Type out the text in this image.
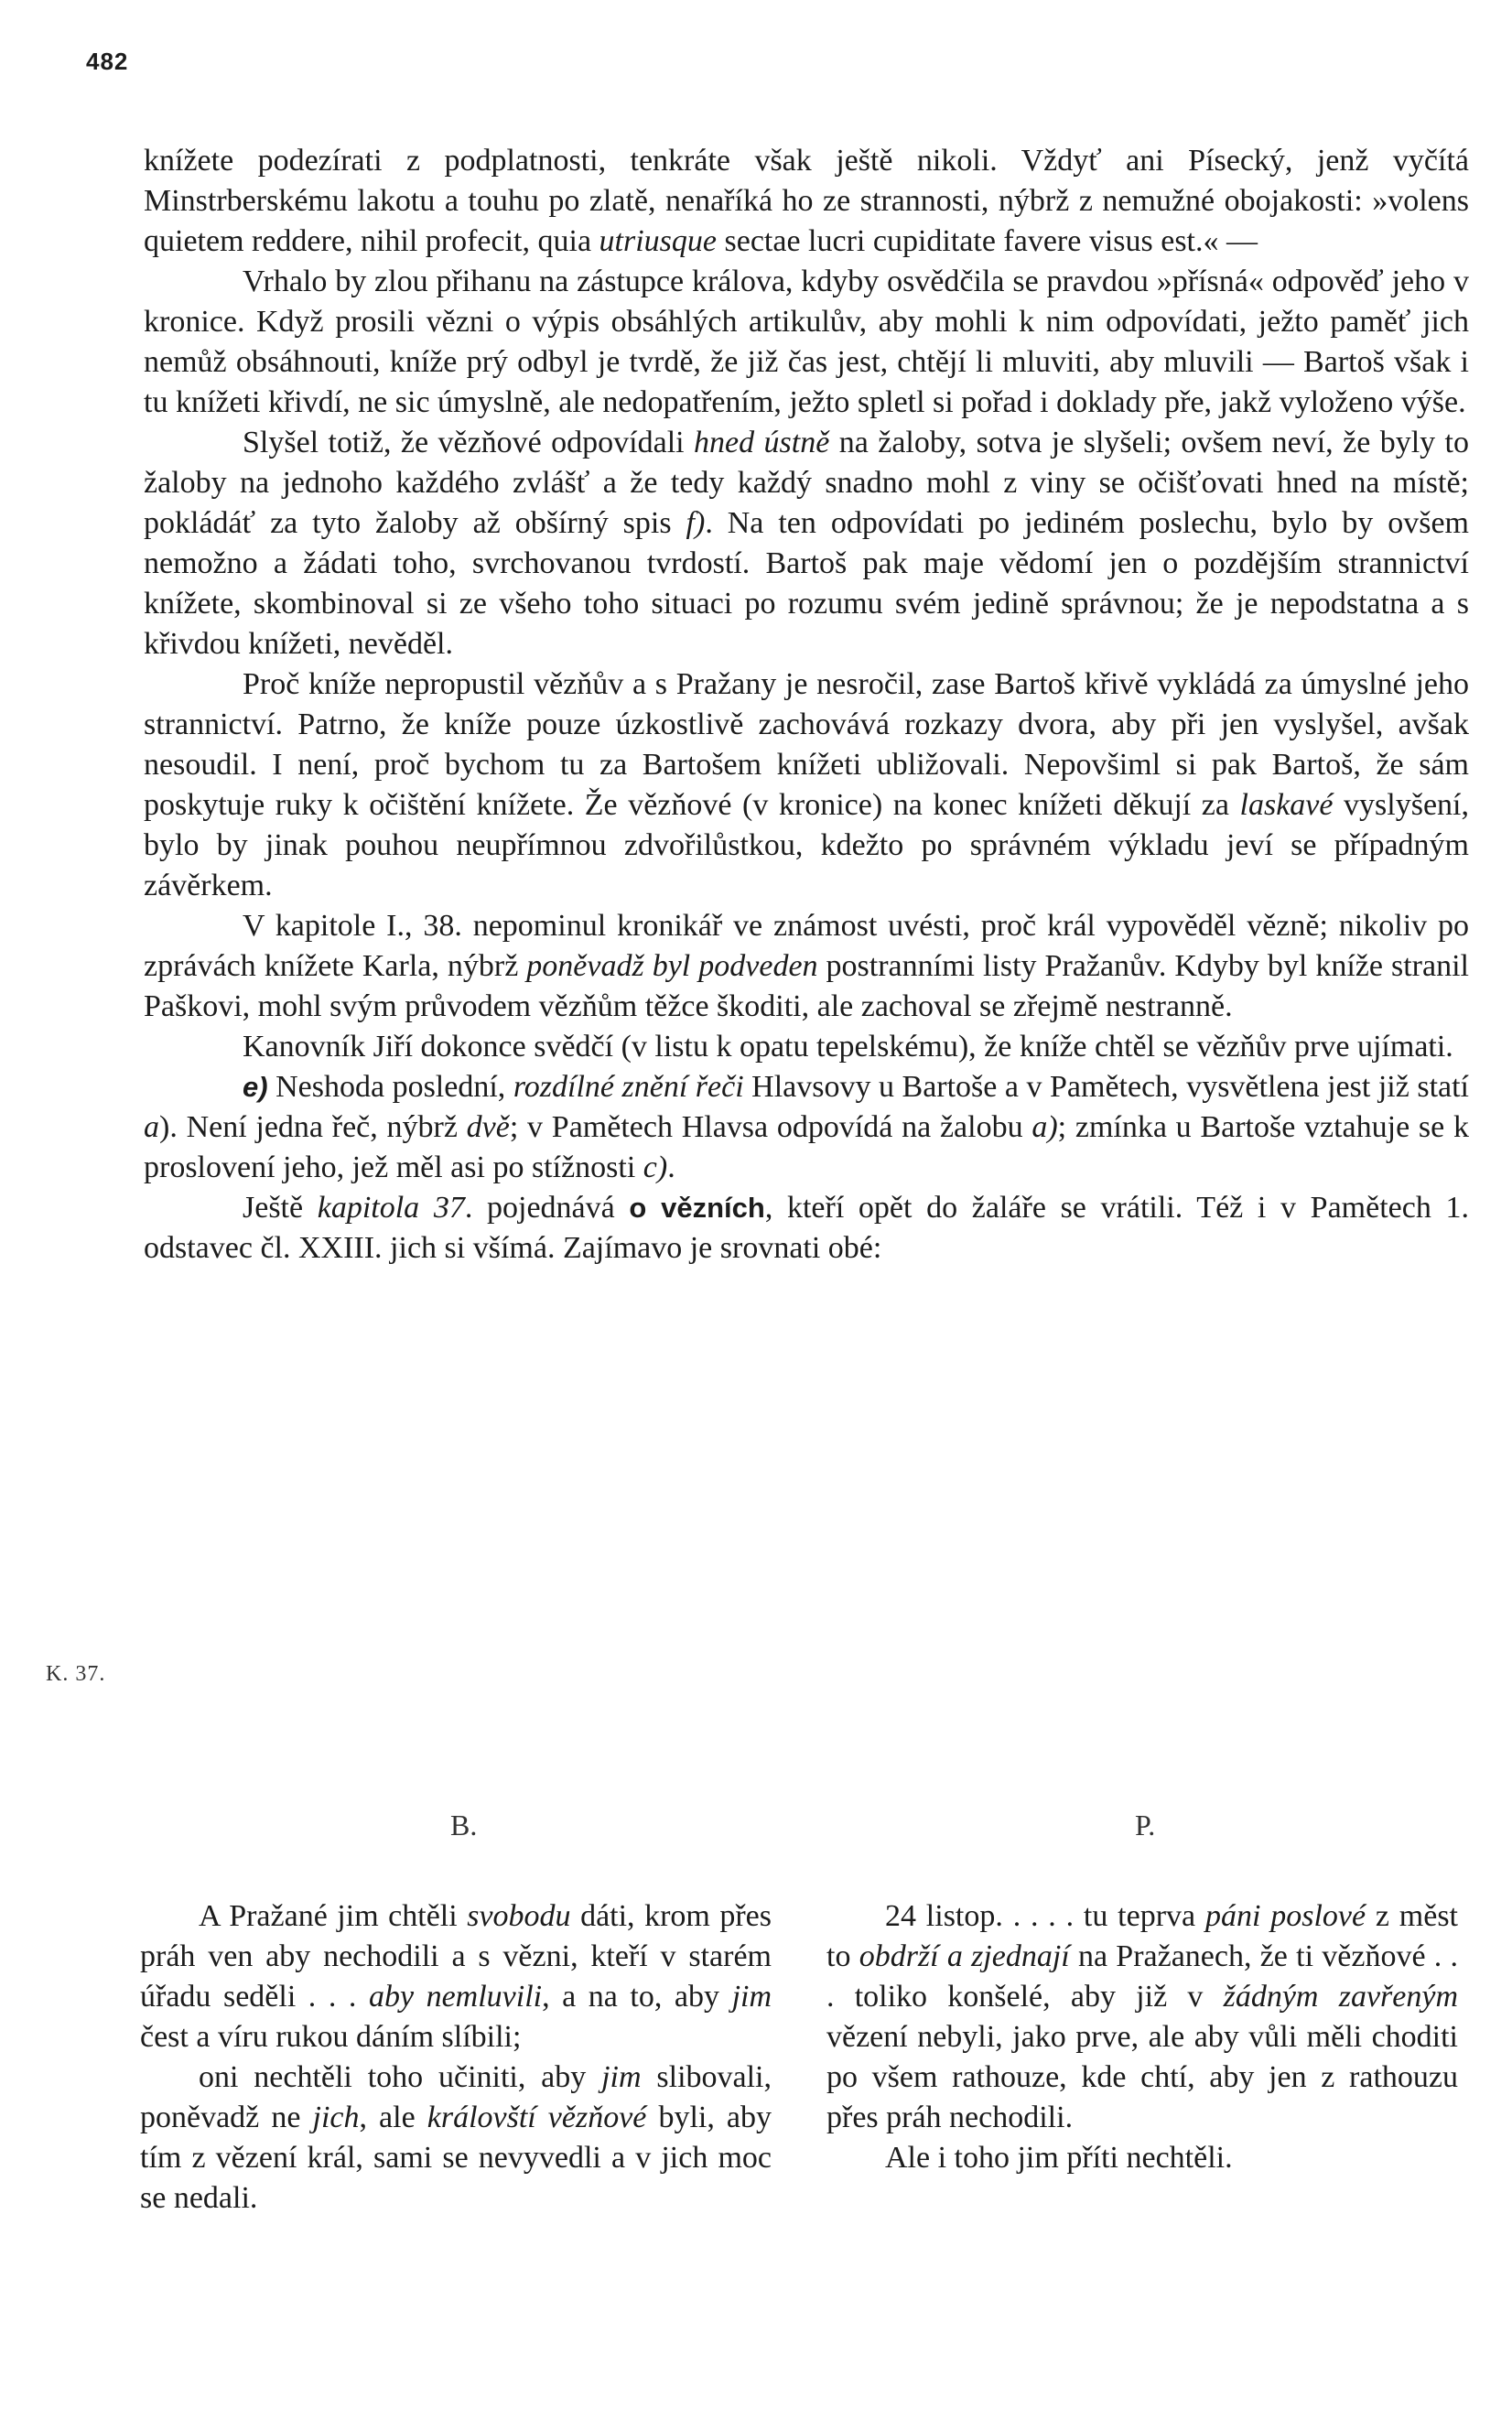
482

knížete podezírati z podplatnosti, tenkráte však ještě nikoli. Vždyť ani Písecký, jenž vyčítá Minstrberskému lakotu a touhu po zlatě, nenaříká ho ze strannosti, nýbrž z nemužné obojakosti: »volens quietem reddere, nihil profecit, quia utriusque sectae lucri cupiditate favere visus est.« —

Vrhalo by zlou přihanu na zástupce králova, kdyby osvědčila se pravdou »přísná« odpověď jeho v kronice. Když prosili vězni o výpis obsáhlých artikulův, aby mohli k nim odpovídati, ježto paměť jich nemůž obsáhnouti, kníže prý odbyl je tvrdě, že již čas jest, chtějí li mluviti, aby mluvili — Bartoš však i tu knížeti křivdí, ne sic úmyslně, ale nedopatřením, ježto spletl si pořad i doklady pře, jakž vyloženo výše.

Slyšel totiž, že vězňové odpovídali hned ústně na žaloby, sotva je slyšeli; ovšem neví, že byly to žaloby na jednoho každého zvlášť a že tedy každý snadno mohl z viny se očišťovati hned na místě; pokládáť za tyto žaloby až obšírný spis f). Na ten odpovídati po jediném poslechu, bylo by ovšem nemožno a žádati toho, svrchovanou tvrdostí. Bartoš pak maje vědomí jen o pozdějším strannictví knížete, skombinoval si ze všeho toho situaci po rozumu svém jedině správnou; že je nepodstatna a s křivdou knížeti, nevěděl.

Proč kníže nepropustil vězňův a s Pražany je nesročil, zase Bartoš křivě vykládá za úmyslné jeho strannictví. Patrno, že kníže pouze úzkostlivě zachovává rozkazy dvora, aby při jen vyslyšel, avšak nesoudil. I není, proč bychom tu za Bartošem knížeti ubližovali. Nepovšiml si pak Bartoš, že sám poskytuje ruky k očištění knížete. Že vězňové (v kronice) na konec knížeti děkují za laskavé vyslyšení, bylo by jinak pouhou neupřímnou zdvořilůstkou, kdežto po správném výkladu jeví se případným závěrkem.

V kapitole I., 38. nepominul kronikář ve známost uvésti, proč král vypověděl vězně; nikoliv po zprávách knížete Karla, nýbrž poněvadž byl podveden postranními listy Pražanův. Kdyby byl kníže stranil Paškovi, mohl svým průvodem vězňům těžce škoditi, ale zachoval se zřejmě nestranně.

Kanovník Jiří dokonce svědčí (v listu k opatu tepelskému), že kníže chtěl se vězňův prve ujímati.

e) Neshoda poslední, rozdílné znění řeči Hlavsovy u Bartoše a v Pamětech, vysvětlena jest již statí a). Není jedna řeč, nýbrž dvě; v Pamětech Hlavsa odpovídá na žalobu a); zmínka u Bartoše vztahuje se k proslovení jeho, jež měl asi po stížnosti c).

Ještě kapitola 37. pojednává o vězních, kteří opět do žaláře se vrátili. Též i v Pamětech 1. odstavec čl. XXIII. jich si všímá. Zajímavo je srovnati obé:

K. 37.
B.	P.

A Pražané jim chtěli svobodu dáti, krom přes práh ven aby nechodili a s vězni, kteří v starém úřadu seděli . . . aby nemluvili, a na to, aby jim čest a víru rukou dáním slíbili;

oni nechtěli toho učiniti, aby jim slibovali, poněvadž ne jich, ale královští vězňové byli, aby tím z vězení král, sami se nevyvedli a v jich moc se nedali.

24 listop. . . . . tu teprva páni poslové z měst to obdrží a zjednají na Pražanech, že ti vězňové . . . toliko konšelé, aby již v žádným zavřeným vězení nebyli, jako prve, ale aby vůli měli choditi po všem rathouze, kde chtí, aby jen z rathouzu přes práh nechodili.

Ale i toho jim příti nechtěli.
